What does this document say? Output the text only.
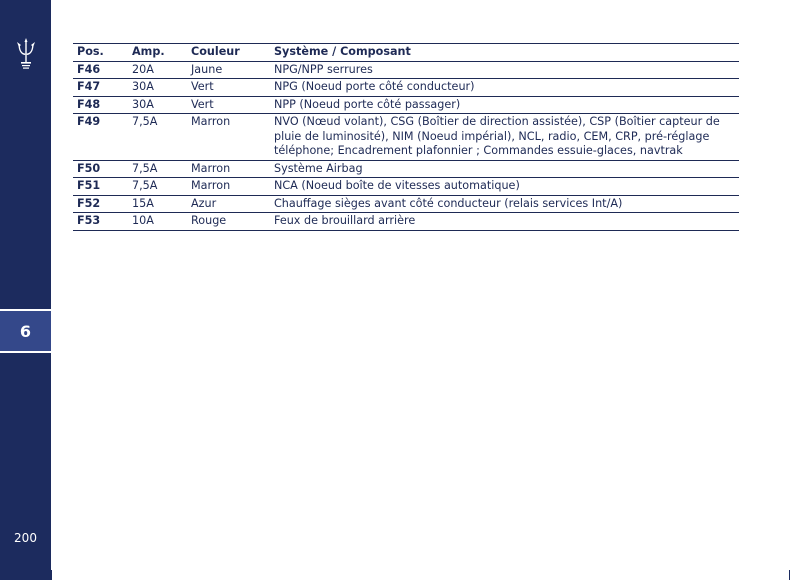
6
200
Pos.	Amp.	Couleur	Système / Composant
F46	20A	Jaune	NPG/NPP serrures
F47	30A	Vert	NPG (Noeud porte côté conducteur)
F48	30A	Vert	NPP (Noeud porte côté passager)
F49	7,5A	Marron	NVO (Nœud volant), CSG (Boîtier de direction assistée), CSP (Boîtier capteur de pluie de luminosité), NIM (Noeud impérial), NCL, radio, CEM, CRP, pré-réglage téléphone; Encadrement plafonnier ; Commandes essuie-glaces, navtrak
F50	7,5A	Marron	Système Airbag
F51	7,5A	Marron	NCA (Noeud boîte de vitesses automatique)
F52	15A	Azur	Chauffage sièges avant côté conducteur (relais services Int/A)
F53	10A	Rouge	Feux de brouillard arrière
